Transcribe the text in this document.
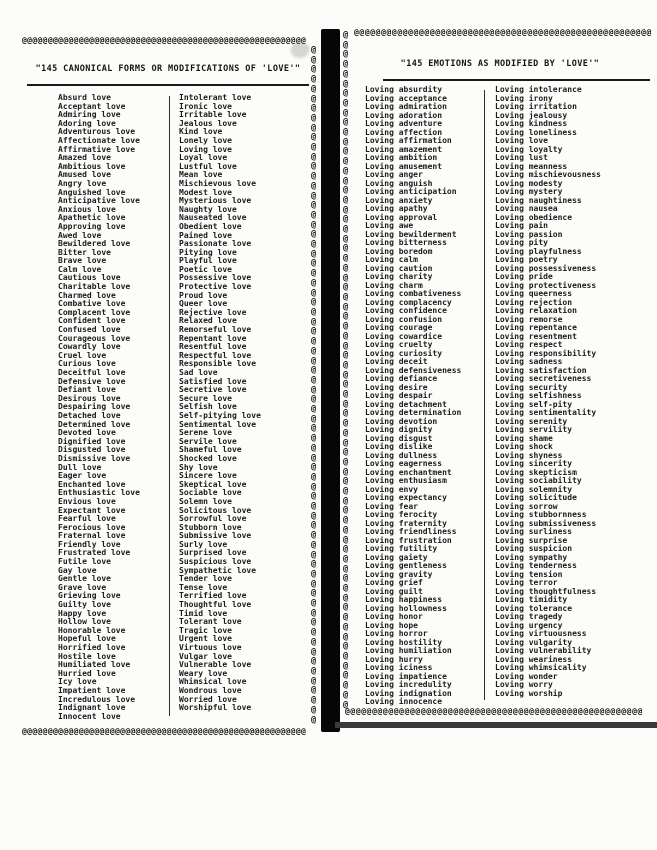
@@@@@@@@@@@@@@@@@@@@@@@@@@@@@@@@@@@@@@@@@@@@@@@@@@@@@@@
"145 CANONICAL FORMS OR MODIFICATIONS OF 'LOVE'"
Absurd love
Acceptant love
Admiring love
Adoring love
Adventurous love
Affectionate love
Affirmative love
Amazed love
Ambitious love
Amused love
Angry love
Anguished love
Anticipative love
Anxious love
Apathetic love
Approving love
Awed love
Bewildered love
Bitter love
Brave love
Calm love
Cautious love
Charitable love
Charmed love
Combative love
Complacent love
Confident love
Confused love
Courageous love
Cowardly love
Cruel love
Curious love
Deceitful love
Defensive love
Defiant love
Desirous love
Despairing love
Detached love
Determined love
Devoted love
Dignified love
Disgusted love
Dismissive love
Dull love
Eager love
Enchanted love
Enthusiastic love
Envious love
Expectant love
Fearful love
Ferocious love
Fraternal love
Friendly love
Frustrated love
Futile love
Gay love
Gentle love
Grave love
Grieving love
Guilty love
Happy love
Hollow love
Honorable love
Hopeful love
Horrified love
Hostile love
Humiliated love
Hurried love
Icy love
Impatient love
Incredulous love
Indignant love
Innocent love
Intolerant love
Ironic love
Irritable love
Jealous love
Kind love
Lonely love
Loving love
Loyal love
Lustful love
Mean love
Mischievous love
Modest love
Mysterious love
Naughty love
Nauseated love
Obedient love
Pained love
Passionate love
Pitying love
Playful love
Poetic love
Possessive love
Protective love
Proud love
Queer love
Rejective love
Relaxed love
Remorseful love
Repentant love
Resentful love
Respectful love
Responsible love
Sad love
Satisfied love
Secretive love
Secure love
Selfish love
Self-pitying love
Sentimental love
Serene love
Servile love
Shameful love
Shocked love
Shy love
Sincere love
Skeptical love
Sociable love
Solemn love
Solicitous love
Sorrowful love
Stubborn love
Submissive love
Surly love
Surprised love
Suspicious love
Sympathetic love
Tender love
Tense love
Terrified love
Thoughtful love
Timid love
Tolerant love
Tragic love
Urgent love
Virtuous love
Vulgar love
Vulnerable love
Weary love
Whimsical love
Wondrous love
Worried love
Worshipful love
@@@@@@@@@@@@@@@@@@@@@@@@@@@@@@@@@@@@@@@@@@@@@@@@@@@@@@@
@@@@@@@@@@@@@@@@@@@@@@@@@@@@@@@@@@@@@@@@@@@@@@@@@@@@@@@@@@@@@@@@@@@@@@
@@@@@@@@@@@@@@@@@@@@@@@@@@@@@@@@@@@@@@@@@@@@@@@@@@@@@@@@@@@@@@@@@@@@@@
@@@@@@@@@@@@@@@@@@@@@@@@@@@@@@@@@@@@@@@@@@@@@@@@@@@@@@@
"145 EMOTIONS AS MODIFIED BY 'LOVE'"
Loving absurdity
Loving acceptance
Loving admiration
Loving adoration
Loving adventure
Loving affection
Loving affirmation
Loving amazement
Loving ambition
Loving amusement
Loving anger
Loving anguish
Loving anticipation
Loving anxiety
Loving apathy
Loving approval
Loving awe
Loving bewilderment
Loving bitterness
Loving boredom
Loving calm
Loving caution
Loving charity
Loving charm
Loving combativeness
Loving complacency
Loving confidence
Loving confusion
Loving courage
Loving cowardice
Loving cruelty
Loving curiosity
Loving deceit
Loving defensiveness
Loving defiance
Loving desire
Loving despair
Loving detachment
Loving determination
Loving devotion
Loving dignity
Loving disgust
Loving dislike
Loving dullness
Loving eagerness
Loving enchantment
Loving enthusiasm
Loving envy
Loving expectancy
Loving fear
Loving ferocity
Loving fraternity
Loving friendliness
Loving frustration
Loving futility
Loving gaiety
Loving gentleness
Loving gravity
Loving grief
Loving guilt
Loving happiness
Loving hollowness
Loving honor
Loving hope
Loving horror
Loving hostility
Loving humiliation
Loving hurry
Loving iciness
Loving impatience
Loving incredulity
Loving indignation
Loving innocence
Loving intolerance
Loving irony
Loving irritation
Loving jealousy
Loving kindness
Loving loneliness
Loving love
Loving loyalty
Loving lust
Loving meanness
Loving mischievousness
Loving modesty
Loving mystery
Loving naughtiness
Loving nausea
Loving obedience
Loving pain
Loving passion
Loving pity
Loving playfulness
Loving poetry
Loving possessiveness
Loving pride
Loving protectiveness
Loving queerness
Loving rejection
Loving relaxation
Loving remorse
Loving repentance
Loving resentment
Loving respect
Loving responsibility
Loving sadness
Loving satisfaction
Loving secretiveness
Loving security
Loving selfishness
Loving self-pity
Loving sentimentality
Loving serenity
Loving servility
Loving shame
Loving shock
Loving shyness
Loving sincerity
Loving skepticism
Loving sociability
Loving solemnity
Loving solicitude
Loving sorrow
Loving stubbornness
Loving submissiveness
Loving surliness
Loving surprise
Loving suspicion
Loving sympathy
Loving tenderness
Loving tension
Loving terror
Loving thoughtfulness
Loving timidity
Loving tolerance
Loving tragedy
Loving urgency
Loving virtuousness
Loving vulgarity
Loving vulnerability
Loving weariness
Loving whimsicality
Loving wonder
Loving worry
Loving worship
@@@@@@@@@@@@@@@@@@@@@@@@@@@@@@@@@@@@@@@@@@@@@@@@@@@@@@@
